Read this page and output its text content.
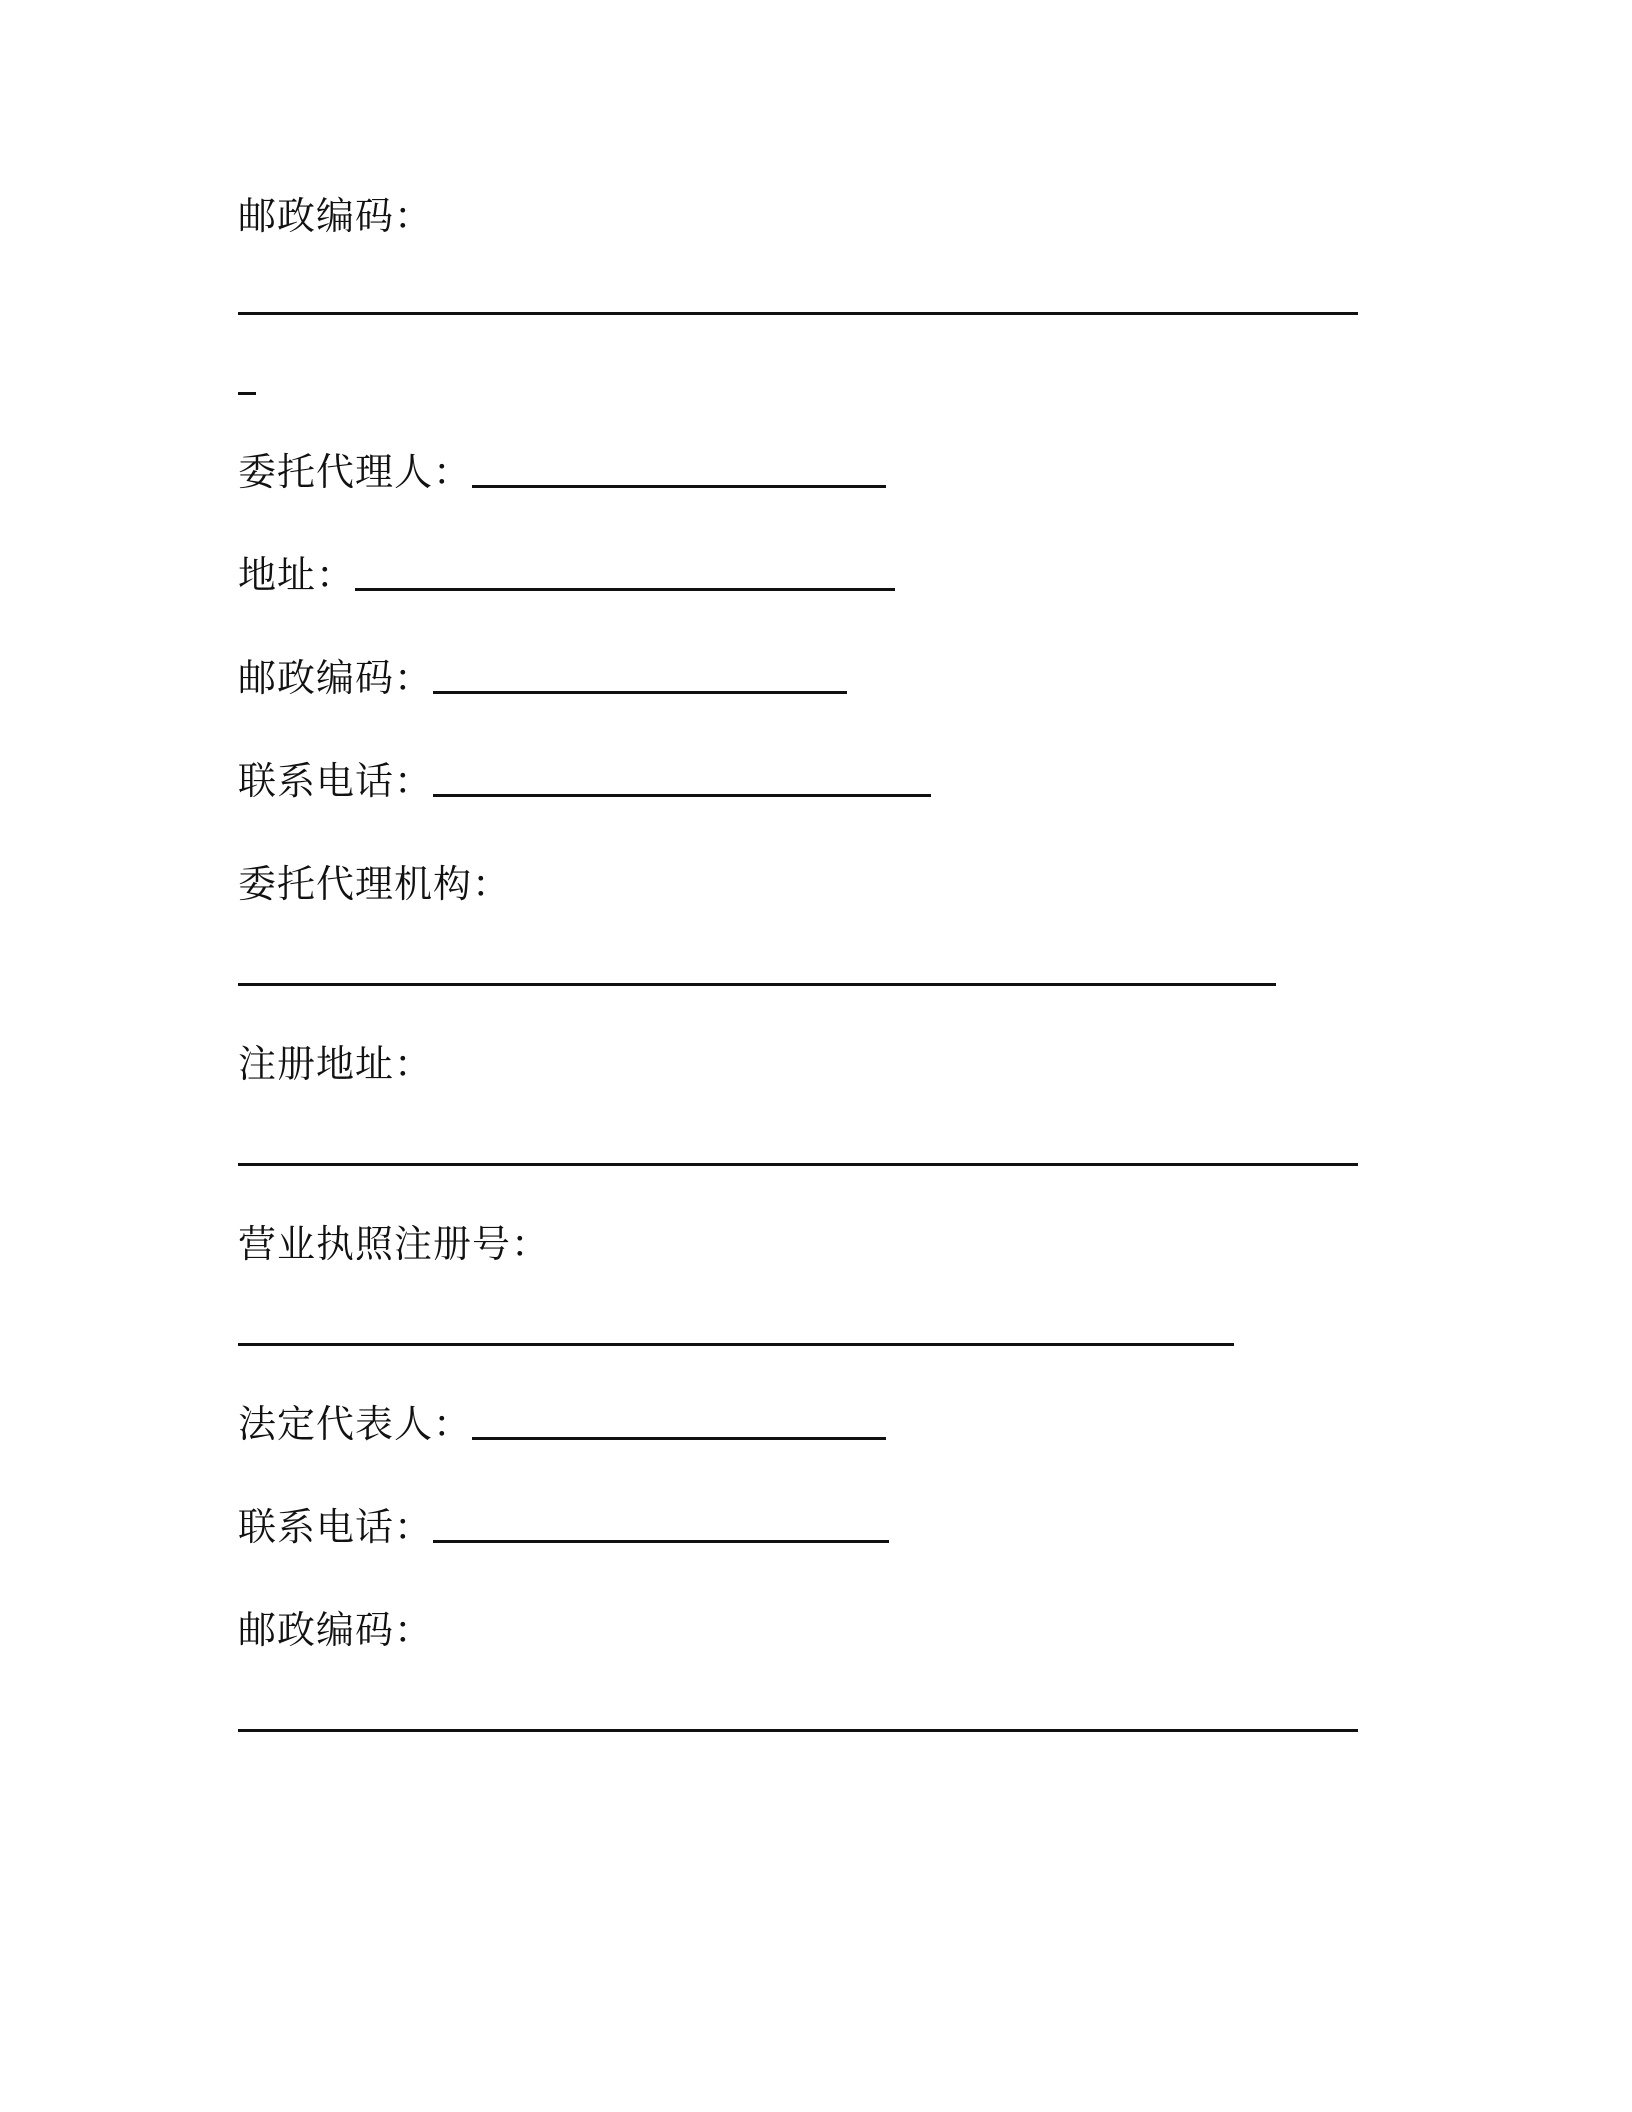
邮政编码：
委托代理人：
地址：
邮政编码：
联系电话：
委托代理机构：
注册地址：
营业执照注册号：
法定代表人：
联系电话：
邮政编码：
